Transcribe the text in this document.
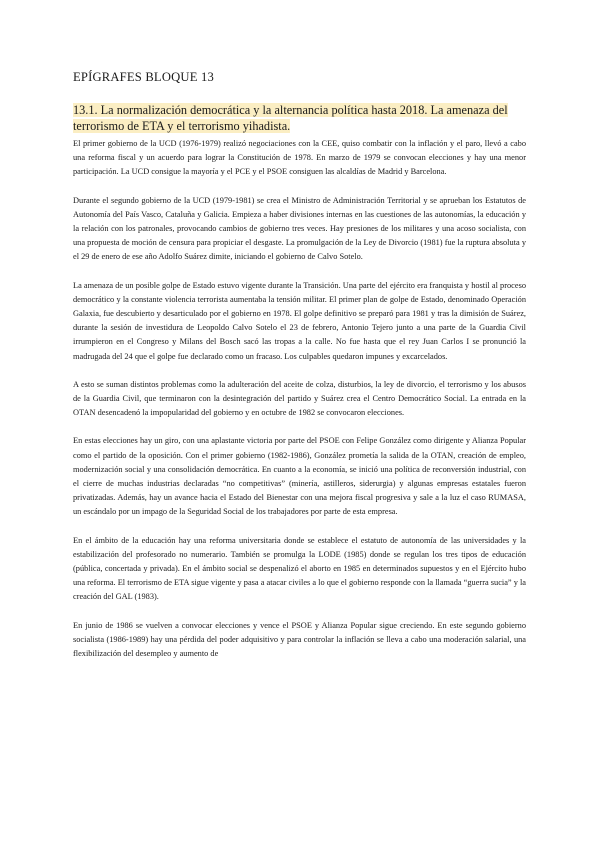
EPÍGRAFES BLOQUE 13
13.1. La normalización democrática y la alternancia política hasta 2018. La amenaza del terrorismo de ETA y el terrorismo yihadista.

El primer gobierno de la UCD (1976-1979) realizó negociaciones con la CEE, quiso combatir con la inflación y el paro, llevó a cabo una reforma fiscal y un acuerdo para lograr la Constitución de 1978. En marzo de 1979 se convocan elecciones y hay una menor participación. La UCD consigue la mayoría y el PCE y el PSOE consiguen las alcaldías de Madrid y Barcelona.

Durante el segundo gobierno de la UCD (1979-1981) se crea el Ministro de Administración Territorial y se aprueban los Estatutos de Autonomía del País Vasco, Cataluña y Galicia. Empieza a haber divisiones internas en las cuestiones de las autonomías, la educación y la relación con los patronales, provocando cambios de gobierno tres veces. Hay presiones de los militares y una acoso socialista, con una propuesta de moción de censura para propiciar el desgaste. La promulgación de la Ley de Divorcio (1981) fue la ruptura absoluta y el 29 de enero de ese año Adolfo Suárez dimite, iniciando el gobierno de Calvo Sotelo.

La amenaza de un posible golpe de Estado estuvo vigente durante la Transición. Una parte del ejército era franquista y hostil al proceso democrático y la constante violencia terrorista aumentaba la tensión militar. El primer plan de golpe de Estado, denominado Operación Galaxia, fue descubierto y desarticulado por el gobierno en 1978. El golpe definitivo se preparó para 1981 y tras la dimisión de Suárez, durante la sesión de investidura de Leopoldo Calvo Sotelo el 23 de febrero, Antonio Tejero junto a una parte de la Guardia Civil irrumpieron en el Congreso y Milans del Bosch sacó las tropas a la calle. No fue hasta que el rey Juan Carlos I se pronunció la madrugada del 24 que el golpe fue declarado como un fracaso. Los culpables quedaron impunes y excarcelados.

A esto se suman distintos problemas como la adulteración del aceite de colza, disturbios, la ley de divorcio, el terrorismo y los abusos de la Guardia Civil, que terminaron con la desintegración del partido y Suárez crea el Centro Democrático Social. La entrada en la OTAN desencadenó la impopularidad del gobierno y en octubre de 1982 se convocaron elecciones.

En estas elecciones hay un giro, con una aplastante victoria por parte del PSOE con Felipe González como dirigente y Alianza Popular como el partido de la oposición. Con el primer gobierno (1982-1986), González prometía la salida de la OTAN, creación de empleo, modernización social y una consolidación democrática. En cuanto a la economía, se inició una política de reconversión industrial, con el cierre de muchas industrias declaradas “no competitivas” (minería, astilleros, siderurgia) y algunas empresas estatales fueron privatizadas. Además, hay un avance hacia el Estado del Bienestar con una mejora fiscal progresiva y sale a la luz el caso RUMASA, un escándalo por un impago de la Seguridad Social de los trabajadores por parte de esta empresa.

En el ámbito de la educación hay una reforma universitaria donde se establece el estatuto de autonomía de las universidades y la estabilización del profesorado no numerario. También se promulga la LODE (1985) donde se regulan los tres tipos de educación (pública, concertada y privada). En el ámbito social se despenalizó el aborto en 1985 en determinados supuestos y en el Ejército hubo una reforma. El terrorismo de ETA sigue vigente y pasa a atacar civiles a lo que el gobierno responde con la llamada “guerra sucia” y la creación del GAL (1983).

En junio de 1986 se vuelven a convocar elecciones y vence el PSOE y Alianza Popular sigue creciendo. En este segundo gobierno socialista (1986-1989) hay una pérdida del poder adquisitivo y para controlar la inflación se lleva a cabo una moderación salarial, una flexibilización del desempleo y aumento de
